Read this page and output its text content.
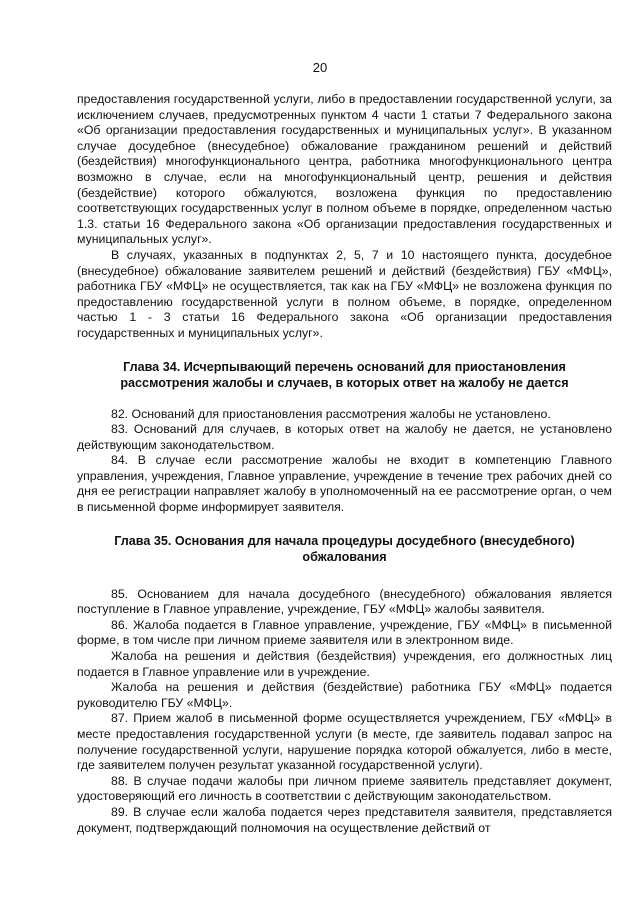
20

предоставления государственной услуги, либо в предоставлении государственной услуги, за исключением случаев, предусмотренных пунктом 4 части 1 статьи 7 Федерального закона «Об организации предоставления государственных и муниципальных услуг». В указанном случае досудебное (внесудебное) обжалование гражданином решений и действий (бездействия) многофункционального центра, работника многофункционального центра возможно в случае, если на многофункциональный центр, решения и действия (бездействие) которого обжалуются, возложена функция по предоставлению соответствующих государственных услуг в полном объеме в порядке, определенном частью 1.3. статьи 16 Федерального закона «Об организации предоставления государственных и муниципальных услуг».

В случаях, указанных в подпунктах 2, 5, 7 и 10 настоящего пункта, досудебное (внесудебное) обжалование заявителем решений и действий (бездействия) ГБУ «МФЦ», работника ГБУ «МФЦ» не осуществляется, так как на ГБУ «МФЦ» не возложена функция по предоставлению государственной услуги в полном объеме, в порядке, определенном частью 1 - 3 статьи 16 Федерального закона «Об организации предоставления государственных и муниципальных услуг».

Глава 34. Исчерпывающий перечень оснований для приостановления
рассмотрения жалобы и случаев, в которых ответ на жалобу не дается

82. Оснований для приостановления рассмотрения жалобы не установлено.

83. Оснований для случаев, в которых ответ на жалобу не дается, не установлено действующим законодательством.

84. В случае если рассмотрение жалобы не входит в компетенцию Главного управления, учреждения, Главное управление, учреждение в течение трех рабочих дней со дня ее регистрации направляет жалобу в уполномоченный на ее рассмотрение орган, о чем в письменной форме информирует заявителя.

Глава 35. Основания для начала процедуры досудебного (внесудебного)
обжалования

85. Основанием для начала досудебного (внесудебного) обжалования является поступление в Главное управление, учреждение, ГБУ «МФЦ» жалобы заявителя.

86. Жалоба подается в Главное управление, учреждение, ГБУ «МФЦ» в письменной форме, в том числе при личном приеме заявителя или в электронном виде.

Жалоба на решения и действия (бездействия) учреждения, его должностных лиц подается в Главное управление или в учреждение.

Жалоба на решения и действия (бездействие) работника ГБУ «МФЦ» подается руководителю ГБУ «МФЦ».

87. Прием жалоб в письменной форме осуществляется учреждением, ГБУ «МФЦ» в месте предоставления государственной услуги (в месте, где заявитель подавал запрос на получение государственной услуги, нарушение порядка которой обжалуется, либо в месте, где заявителем получен результат указанной государственной услуги).

88. В случае подачи жалобы при личном приеме заявитель представляет документ, удостоверяющий его личность в соответствии с действующим законодательством.

89. В случае если жалоба подается через представителя заявителя, представляется документ, подтверждающий полномочия на осуществление действий от
